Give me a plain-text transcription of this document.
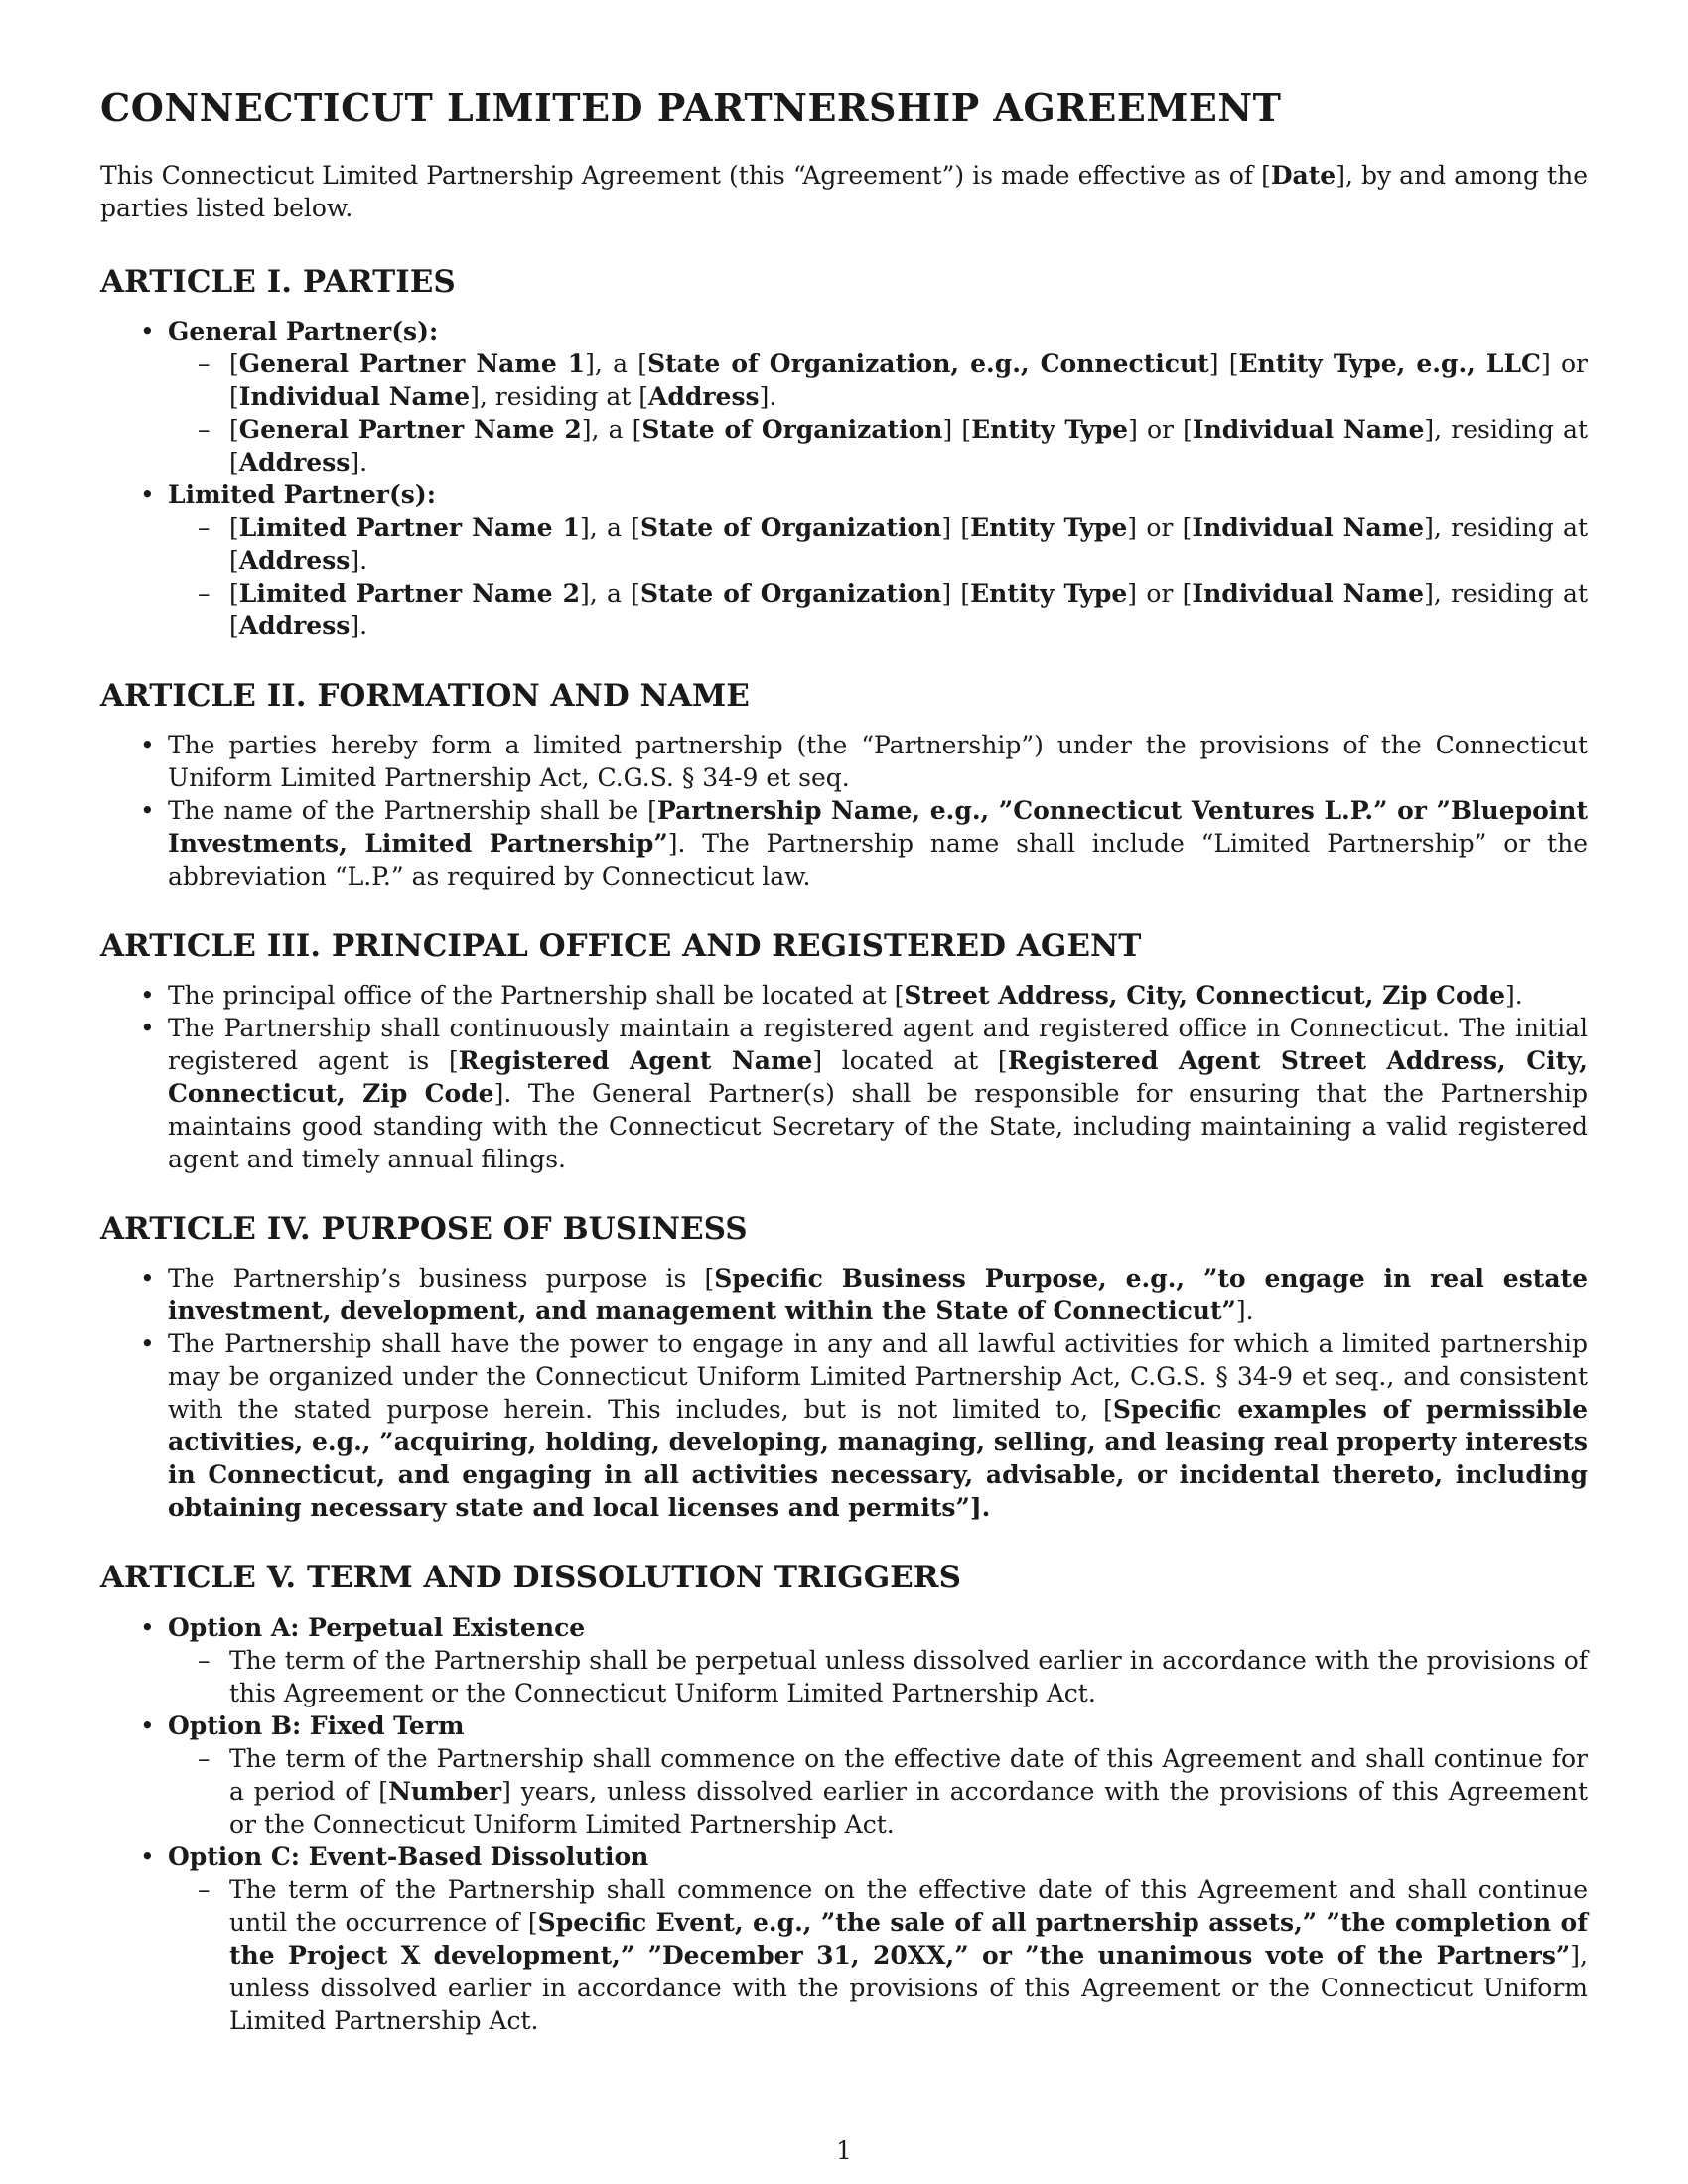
CONNECTICUT LIMITED PARTNERSHIP AGREEMENT

This Connecticut Limited Partnership Agreement (this “Agreement”) is made effective as of [Date], by and among the parties listed below.

ARTICLE I. PARTIES
• General Partner(s):
– [General Partner Name 1], a [State of Organization, e.g., Connecticut] [Entity Type, e.g., LLC] or [Individual Name], residing at [Address].
– [General Partner Name 2], a [State of Organization] [Entity Type] or [Individual Name], residing at [Address].
• Limited Partner(s):
– [Limited Partner Name 1], a [State of Organization] [Entity Type] or [Individual Name], residing at [Address].
– [Limited Partner Name 2], a [State of Organization] [Entity Type] or [Individual Name], residing at [Address].
ARTICLE II. FORMATION AND NAME
• The parties hereby form a limited partnership (the “Partnership”) under the provisions of the Connecticut Uniform Limited Partnership Act, C.G.S. § 34-9 et seq.
• The name of the Partnership shall be [Partnership Name, e.g., ”Connecticut Ventures L.P.” or ”Bluepoint Investments, Limited Partnership”]. The Partnership name shall include “Limited Partnership” or the abbreviation “L.P.” as required by Connecticut law.
ARTICLE III. PRINCIPAL OFFICE AND REGISTERED AGENT
• The principal office of the Partnership shall be located at [Street Address, City, Connecticut, Zip Code].
• The Partnership shall continuously maintain a registered agent and registered office in Connecticut. The initial registered agent is [Registered Agent Name] located at [Registered Agent Street Address, City, Connecticut, Zip Code]. The General Partner(s) shall be responsible for ensuring that the Partnership maintains good standing with the Connecticut Secretary of the State, including maintaining a valid registered agent and timely annual filings.
ARTICLE IV. PURPOSE OF BUSINESS
• The Partnership’s business purpose is [Specific Business Purpose, e.g., ”to engage in real estate investment, development, and management within the State of Connecticut”].
• The Partnership shall have the power to engage in any and all lawful activities for which a limited partnership may be organized under the Connecticut Uniform Limited Partnership Act, C.G.S. § 34-9 et seq., and consistent with the stated purpose herein. This includes, but is not limited to, [Specific examples of permissible activities, e.g., ”acquiring, holding, developing, managing, selling, and leasing real property interests in Connecticut, and engaging in all activities necessary, advisable, or incidental thereto, including obtaining necessary state and local licenses and permits”].
ARTICLE V. TERM AND DISSOLUTION TRIGGERS
• Option A: Perpetual Existence
– The term of the Partnership shall be perpetual unless dissolved earlier in accordance with the provisions of this Agreement or the Connecticut Uniform Limited Partnership Act.
• Option B: Fixed Term
– The term of the Partnership shall commence on the effective date of this Agreement and shall continue for a period of [Number] years, unless dissolved earlier in accordance with the provisions of this Agreement or the Connecticut Uniform Limited Partnership Act.
• Option C: Event-Based Dissolution
– The term of the Partnership shall commence on the effective date of this Agreement and shall continue until the occurrence of [Specific Event, e.g., ”the sale of all partnership assets,” ”the completion of the Project X development,” ”December 31, 20XX,” or ”the unanimous vote of the Partners”], unless dissolved earlier in accordance with the provisions of this Agreement or the Connecticut Uniform Limited Partnership Act.
1
